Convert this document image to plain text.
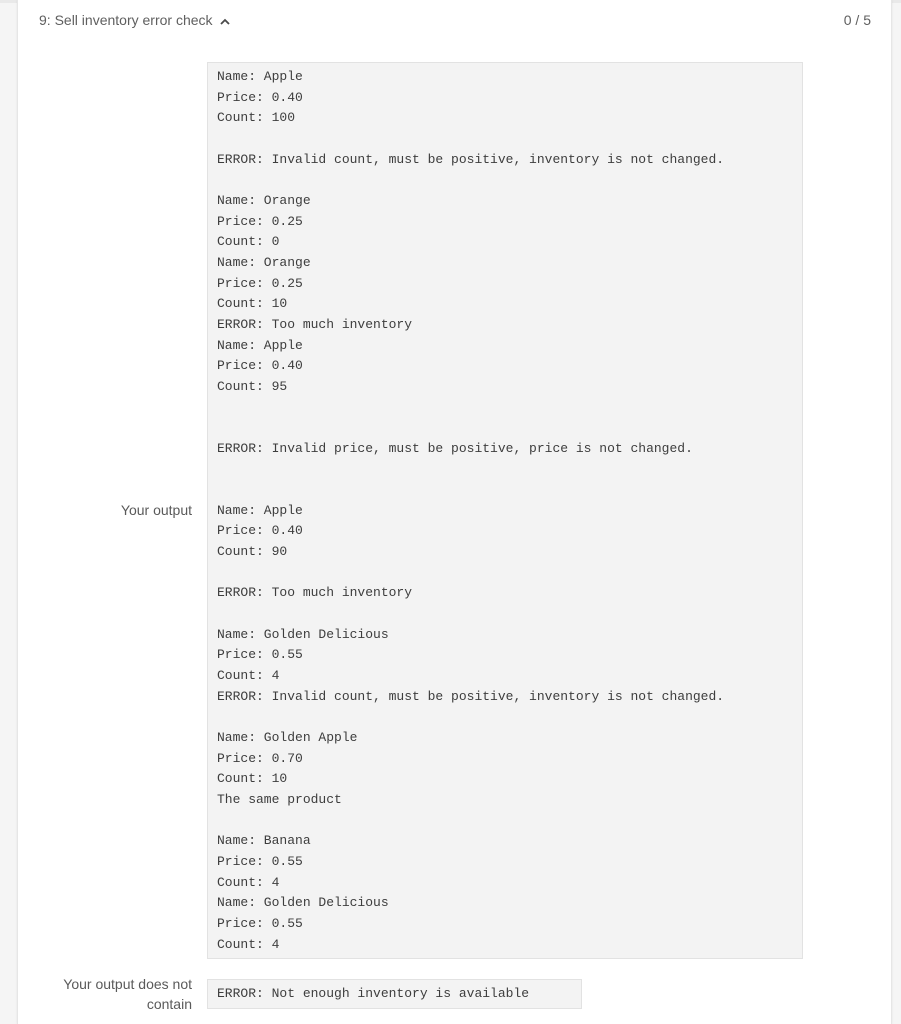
9: Sell inventory error check	0 / 5
Your output
Name: Apple
Price: 0.40
Count: 100

ERROR: Invalid count, must be positive, inventory is not changed.

Name: Orange
Price: 0.25
Count: 0
Name: Orange
Price: 0.25
Count: 10
ERROR: Too much inventory
Name: Apple
Price: 0.40
Count: 95

ERROR: Invalid price, must be positive, price is not changed.

Name: Apple
Price: 0.40
Count: 90

ERROR: Too much inventory

Name: Golden Delicious
Price: 0.55
Count: 4
ERROR: Invalid count, must be positive, inventory is not changed.

Name: Golden Apple
Price: 0.70
Count: 10
The same product

Name: Banana
Price: 0.55
Count: 4
Name: Golden Delicious
Price: 0.55
Count: 4
Your output does not contain
ERROR: Not enough inventory is available
